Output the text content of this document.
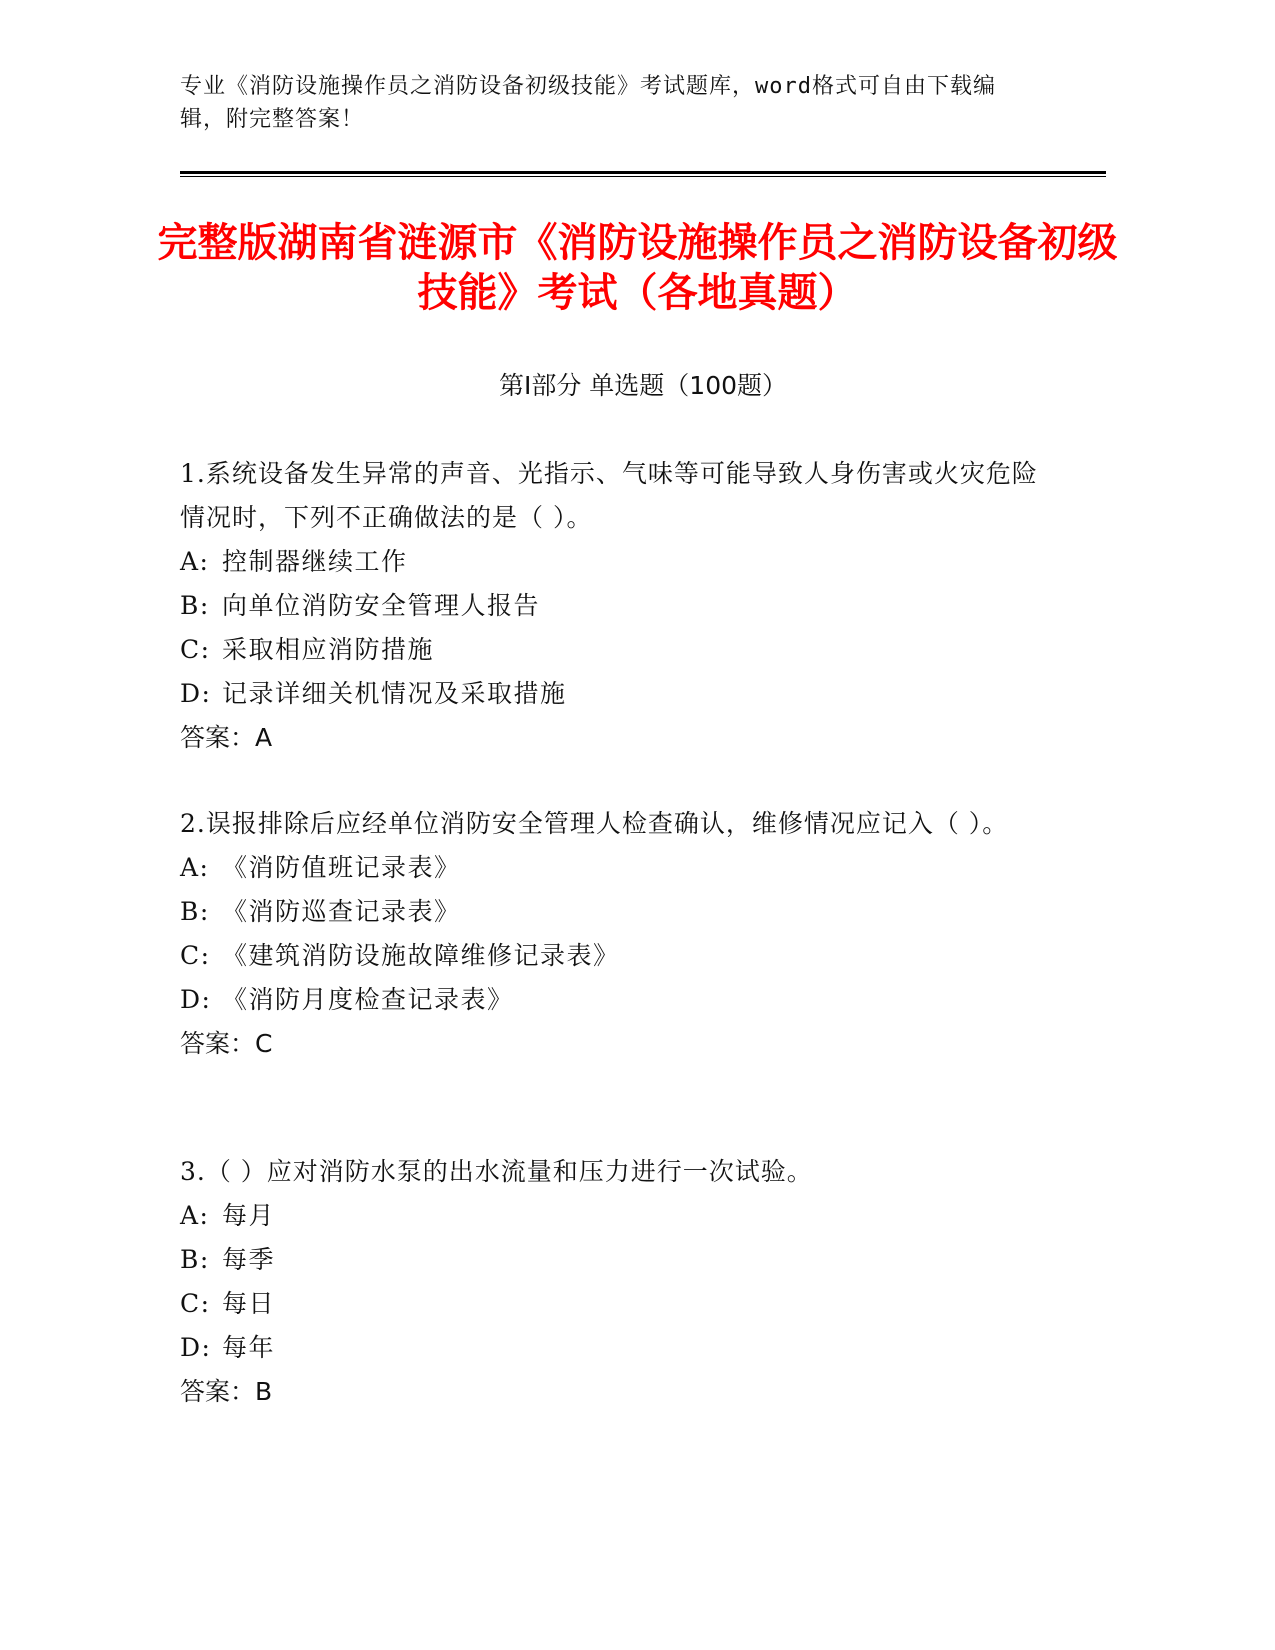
专业《消防设施操作员之消防设备初级技能》考试题库，word格式可自由下载编辑，附完整答案！
完整版湖南省涟源市《消防设施操作员之消防设备初级技能》考试（各地真题）
第Ⅰ部分 单选题（100题）

1.系统设备发生异常的声音、光指示、气味等可能导致人身伤害或火灾危险情况时，下列不正确做法的是（ ）。

A: 控制器继续工作

B: 向单位消防安全管理人报告

C: 采取相应消防措施

D: 记录详细关机情况及采取措施

答案：A

2.误报排除后应经单位消防安全管理人检查确认，维修情况应记入（ ）。

A: 《消防值班记录表》

B: 《消防巡查记录表》

C: 《建筑消防设施故障维修记录表》

D: 《消防月度检查记录表》

答案：C

3.（ ）应对消防水泵的出水流量和压力进行一次试验。

A: 每月

B: 每季

C: 每日

D: 每年

答案：B
